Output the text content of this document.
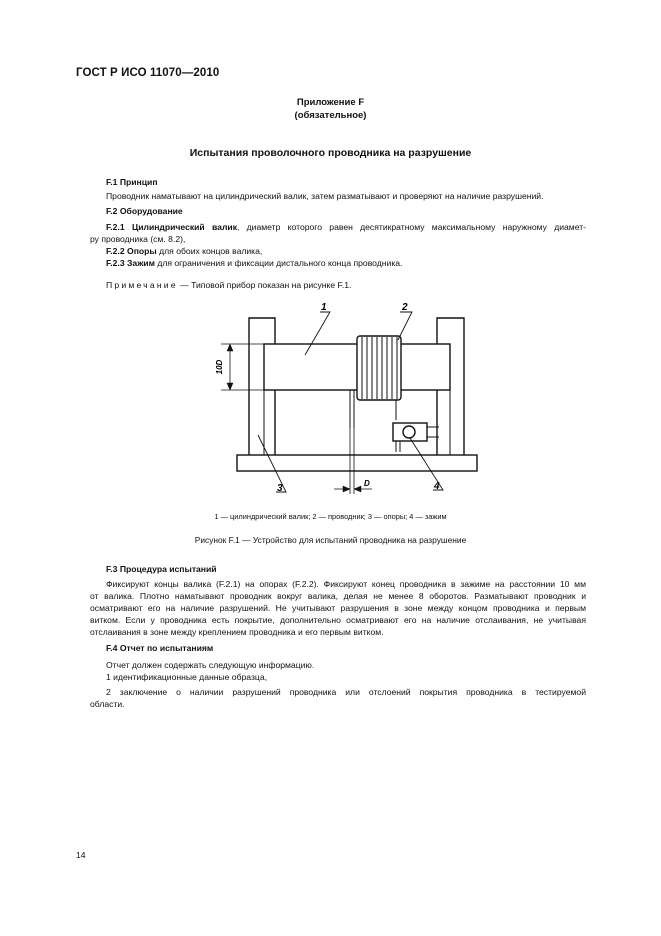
ГОСТ Р ИСО 11070—2010
Приложение F
(обязательное)
Испытания проволочного проводника на разрушение
F.1 Принцип
Проводник наматывают на цилиндрический валик, затем разматывают и проверяют на наличие разрушений.
F.2 Оборудование
F.2.1 Цилиндрический валик, диаметр которого равен десятикратному максимальному наружному диамет-
ру проводника (см. 8.2),
F.2.2 Опоры для обоих концов валика,
F.2.3 Зажим для ограничения и фиксации дистального конца проводника.
Примечание — Типовой прибор показан на рисунке F.1.
10D
D
1	2
3	4
1 — цилиндрический валик; 2 — проводник; 3 — опоры; 4 — зажим
Рисунок F.1 — Устройство для испытаний проводника на разрушение
F.3 Процедура испытаний
Фиксируют концы валика (F.2.1) на опорах (F.2.2). Фиксируют конец проводника в зажиме на расстоянии 10 мм
от валика. Плотно наматывают проводник вокруг валика, делая не менее 8 оборотов. Разматывают проводник и
осматривают его на наличие разрушений. Не учитывают разрушения в зоне между концом проводника и первым
витком. Если у проводника есть покрытие, дополнительно осматривают его на наличие отслаивания, не учитывая
отслаивания в зоне между креплением проводника и его первым витком.
F.4 Отчет по испытаниям
Отчет должен содержать следующую информацию.
1 идентификационные данные образца,
2 заключение о наличии разрушений проводника или отслоений покрытия проводника в тестируемой
области.
14
